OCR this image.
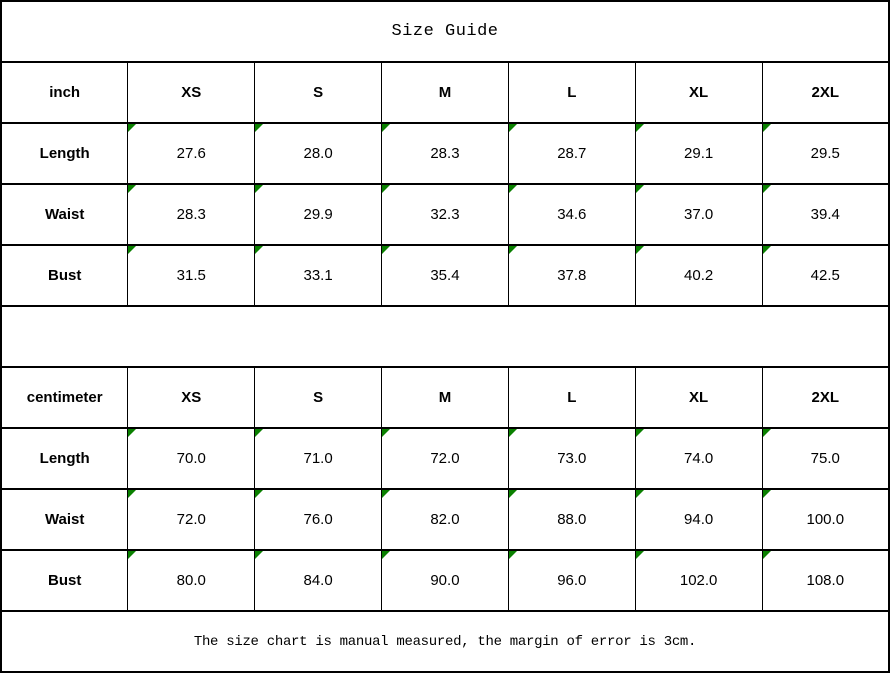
Size Guide						
inch	XS	S	M	L	XL	2XL
Length	27.6	28.0	28.3	28.7	29.1	29.5
Waist	28.3	29.9	32.3	34.6	37.0	39.4
Bust	31.5	33.1	35.4	37.8	40.2	42.5

centimeter	XS	S	M	L	XL	2XL
Length	70.0	71.0	72.0	73.0	74.0	75.0
Waist	72.0	76.0	82.0	88.0	94.0	100.0
Bust	80.0	84.0	90.0	96.0	102.0	108.0
The size chart is manual measured, the margin of error is 3cm.						
